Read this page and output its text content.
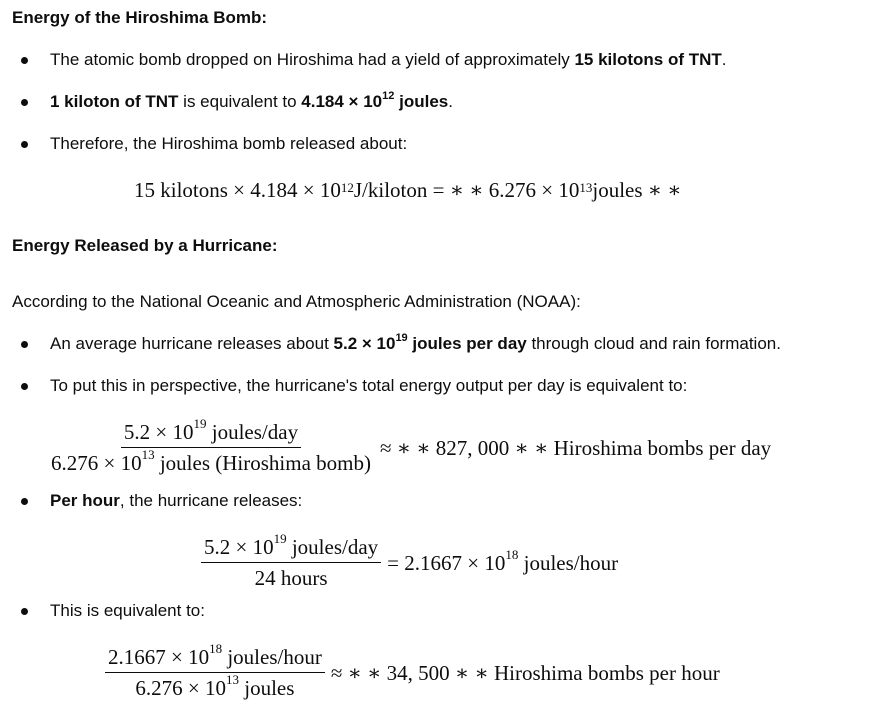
Energy of the Hiroshima Bomb:
The atomic bomb dropped on Hiroshima had a yield of approximately 15 kilotons of TNT.
1 kiloton of TNT is equivalent to $4.184 \times 10^{12}$ joules.
Therefore, the Hiroshima bomb released about:
15 kilotons × $4.184 \times 10^{12}$ J/kiloton = ∗ ∗ $6.276 \times 10^{13}$ joules ∗ ∗
Energy Released by a Hurricane:
According to the National Oceanic and Atmospheric Administration (NOAA):
An average hurricane releases about $5.2 \times 10^{19}$ joules per day through cloud and rain formation.
To put this in perspective, the hurricane's total energy output per day is equivalent to:
$\frac{5.2 \times 10^{19} joules/day}{6.276 \times 10^{13} joules (Hiroshima bomb)}$ ≈ ∗ ∗ 827, 000 ∗ ∗ Hiroshima bombs per day
Per hour, the hurricane releases:
$\frac{5.2 \times 10^{19} joules/day}{\text{24 hours}} = 2.1667 \times 10^{18}$ joules/hour
This is equivalent to:
$\frac{2.1667 \times 10^{18} joules/hour}{6.276 \times 10^{13} joules}$ ≈ ∗ ∗ 34, 500 ∗ ∗ Hiroshima bombs per hour
